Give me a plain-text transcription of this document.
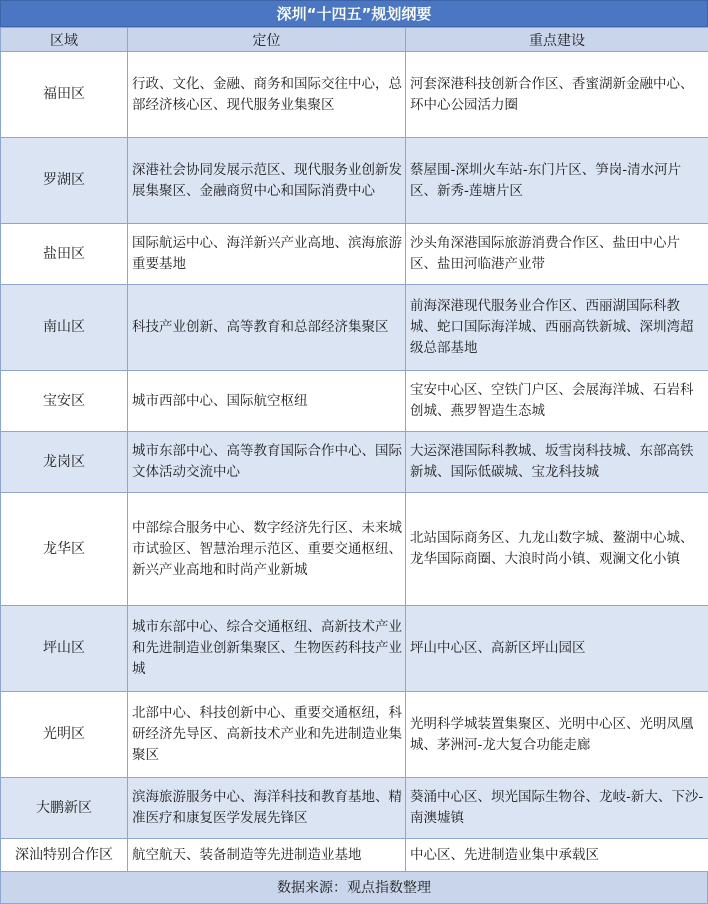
深圳“十四五”规划纲要
区域	定位	重点建设
福田区	行政、文化、金融、商务和国际交往中心，总部经济核心区、现代服务业集聚区	河套深港科技创新合作区、香蜜湖新金融中心、环中心公园活力圈
罗湖区	深港社会协同发展示范区、现代服务业创新发展集聚区、金融商贸中心和国际消费中心	蔡屋围-深圳火车站-东门片区、笋岗-清水河片区、新秀-莲塘片区
盐田区	国际航运中心、海洋新兴产业高地、滨海旅游重要基地	沙头角深港国际旅游消费合作区、盐田中心片区、盐田河临港产业带
南山区	科技产业创新、高等教育和总部经济集聚区	前海深港现代服务业合作区、西丽湖国际科教城、蛇口国际海洋城、西丽高铁新城、深圳湾超级总部基地
宝安区	城市西部中心、国际航空枢纽	宝安中心区、空铁门户区、会展海洋城、石岩科创城、燕罗智造生态城
龙岗区	城市东部中心、高等教育国际合作中心、国际文体活动交流中心	大运深港国际科教城、坂雪岗科技城、东部高铁新城、国际低碳城、宝龙科技城
龙华区	中部综合服务中心、数字经济先行区、未来城市试验区、智慧治理示范区、重要交通枢纽、新兴产业高地和时尚产业新城	北站国际商务区、九龙山数字城、鳌湖中心城、龙华国际商圈、大浪时尚小镇、观澜文化小镇
坪山区	城市东部中心、综合交通枢纽、高新技术产业和先进制造业创新集聚区、生物医药科技产业城	坪山中心区、高新区坪山园区
光明区	北部中心、科技创新中心、重要交通枢纽，科研经济先导区、高新技术产业和先进制造业集聚区	光明科学城装置集聚区、光明中心区、光明凤凰城、茅洲河-龙大复合功能走廊
大鹏新区	滨海旅游服务中心、海洋科技和教育基地、精准医疗和康复医学发展先锋区	葵涌中心区、坝光国际生物谷、龙岐-新大、下沙-南澳墟镇
深汕特别合作区	航空航天、装备制造等先进制造业基地	中心区、先进制造业集中承载区
数据来源：观点指数整理
